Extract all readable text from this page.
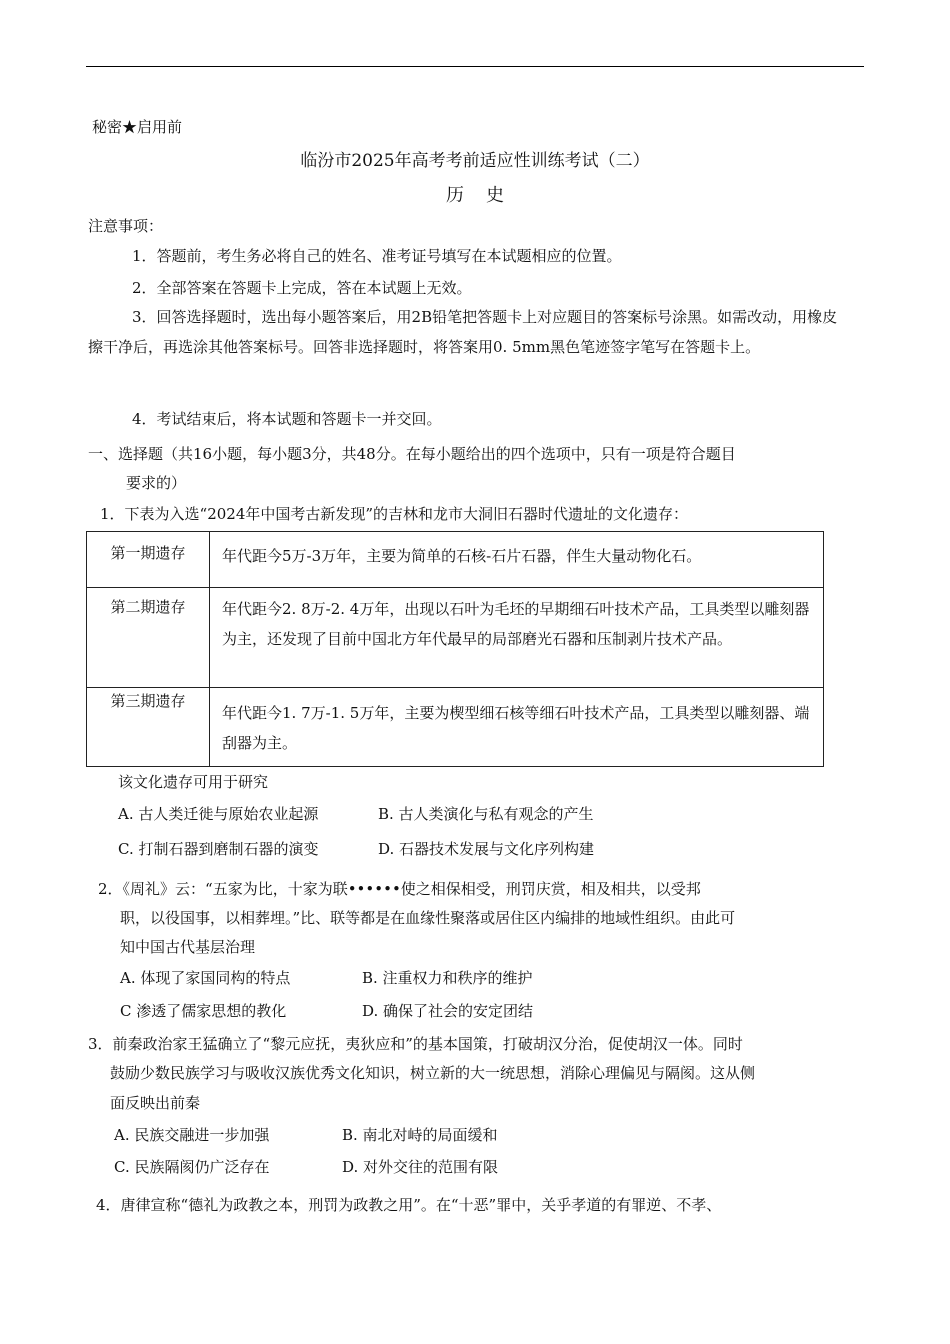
秘密★启用前
临汾市2025年高考考前适应性训练考试（二）
历史
注意事项：
1．答题前，考生务必将自己的姓名、准考证号填写在本试题相应的位置。
2．全部答案在答题卡上完成，答在本试题上无效。
3．回答选择题时，选出每小题答案后，用2B铅笔把答题卡上对应题目的答案标号涂黑。如需改动，用橡皮擦干净后，再选涂其他答案标号。回答非选择题时，将答案用0. 5mm黑色笔迹签字笔写在答题卡上。
4．考试结束后，将本试题和答题卡一并交回。
一、选择题（共16小题，每小题3分，共48分。在每小题给出的四个选项中，只有一项是符合题目
要求的）
1．下表为入选“2024年中国考古新发现”的吉林和龙市大洞旧石器时代遗址的文化遗存：
第一期遗存	年代距今5万-3万年，主要为简单的石核-石片石器，伴生大量动物化石。
第二期遗存	年代距今2. 8万-2. 4万年，出现以石叶为毛坯的早期细石叶技术产品，工具类型以雕刻器为主，还发现了目前中国北方年代最早的局部磨光石器和压制剥片技术产品。
第三期遗存	年代距今1. 7万-1. 5万年，主要为楔型细石核等细石叶技术产品，工具类型以雕刻器、端刮器为主。
该文化遗存可用于研究
A. 古人类迁徙与原始农业起源	B. 古人类演化与私有观念的产生
C. 打制石器到磨制石器的演变	D. 石器技术发展与文化序列构建
2．《周礼》云：“五家为比，十家为联••••••使之相保相受，刑罚庆赏，相及相共，以受邦
职，以役国事，以相葬埋。”比、联等都是在血缘性聚落或居住区内编排的地域性组织。由此可
知中国古代基层治理
A. 体现了家国同构的特点	B. 注重权力和秩序的维护
C 渗透了儒家思想的教化	D. 确保了社会的安定团结
3．前秦政治家王猛确立了“黎元应抚，夷狄应和”的基本国策，打破胡汉分治，促使胡汉一体。同时
鼓励少数民族学习与吸收汉族优秀文化知识，树立新的大一统思想，消除心理偏见与隔阂。这从侧
面反映出前秦
A. 民族交融进一步加强	B. 南北对峙的局面缓和
C. 民族隔阂仍广泛存在	D. 对外交往的范围有限
4．唐律宣称“德礼为政教之本，刑罚为政教之用”。在“十恶”罪中，关乎孝道的有罪逆、不孝、
